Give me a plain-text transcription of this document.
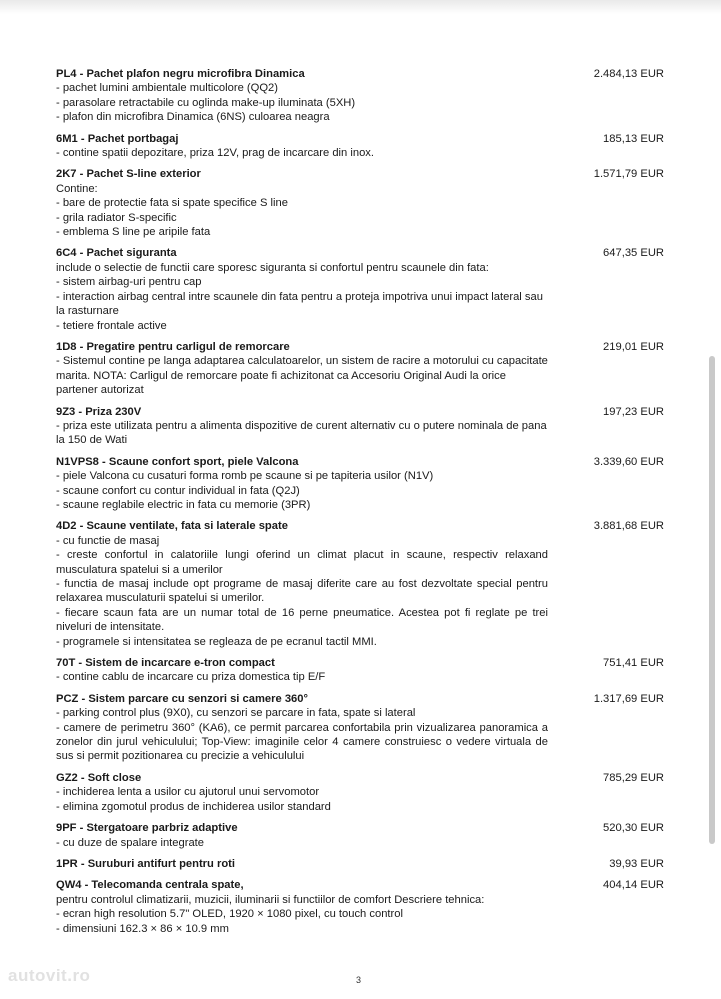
PL4 - Pachet plafon negru microfibra Dinamica	2.484,13 EUR
- pachet lumini ambientale multicolore (QQ2)
- parasolare retractabile cu oglinda make-up iluminata (5XH)
- plafon din microfibra Dinamica (6NS) culoarea neagra
6M1 - Pachet portbagaj	185,13 EUR
- contine spatii depozitare, priza 12V, prag de incarcare din inox.
2K7 - Pachet S-line exterior	1.571,79 EUR
Contine:
- bare de protectie fata si spate specifice S line
- grila radiator S-specific
- emblema S line pe aripile fata
6C4 - Pachet siguranta	647,35 EUR
include o selectie de functii care sporesc siguranta si confortul pentru scaunele din fata:
- sistem airbag-uri pentru cap
- interaction airbag central intre scaunele din fata pentru a proteja impotriva unui impact lateral sau la rasturnare
- tetiere frontale active
1D8 - Pregatire pentru carligul de remorcare	219,01 EUR
- Sistemul contine pe langa adaptarea calculatoarelor, un sistem de racire a motorului cu capacitate marita. NOTA: Carligul de remorcare poate fi achizitonat ca Accesoriu Original Audi la orice partener autorizat
9Z3 - Priza 230V	197,23 EUR
- priza este utilizata pentru a alimenta dispozitive de curent alternativ cu o putere nominala de pana la 150 de Wati
N1VPS8 - Scaune confort sport, piele Valcona	3.339,60 EUR
- piele Valcona cu cusaturi forma romb pe scaune si pe tapiteria usilor (N1V)
- scaune confort cu contur individual in fata (Q2J)
- scaune reglabile electric in fata cu memorie (3PR)
4D2 - Scaune ventilate, fata si laterale spate	3.881,68 EUR
- cu functie de masaj
- creste confortul in calatoriile lungi oferind un climat placut in scaune, respectiv relaxand musculatura spatelui si a umerilor
- functia de masaj include opt programe de masaj diferite care au fost dezvoltate special pentru relaxarea musculaturii spatelui si umerilor.
- fiecare scaun fata are un numar total de 16 perne pneumatice. Acestea pot fi reglate pe trei niveluri de intensitate.
- programele si intensitatea se regleaza de pe ecranul tactil MMI.
70T - Sistem de incarcare e-tron compact	751,41 EUR
- contine cablu de incarcare cu priza domestica tip E/F
PCZ - Sistem parcare cu senzori si camere 360°	1.317,69 EUR
- parking control plus (9X0), cu senzori se parcare in fata, spate si lateral
- camere de perimetru 360° (KA6), ce permit parcarea confortabila prin vizualizarea panoramica a zonelor din jurul vehiculului; Top-View: imaginile celor 4 camere construiesc o vedere virtuala de sus si permit pozitionarea cu precizie a vehiculului
GZ2 - Soft close	785,29 EUR
- inchiderea lenta a usilor cu ajutorul unui servomotor
- elimina zgomotul produs de inchiderea usilor standard
9PF - Stergatoare parbriz adaptive	520,30 EUR
- cu duze de spalare integrate
1PR - Suruburi antifurt pentru roti	39,93 EUR
QW4 - Telecomanda centrala spate,	404,14 EUR
pentru controlul climatizarii, muzicii, iluminarii si functiilor de comfort Descriere tehnica:
- ecran high resolution 5.7" OLED, 1920 × 1080 pixel, cu touch control
- dimensiuni 162.3 × 86 × 10.9 mm
autovit.ro	3
